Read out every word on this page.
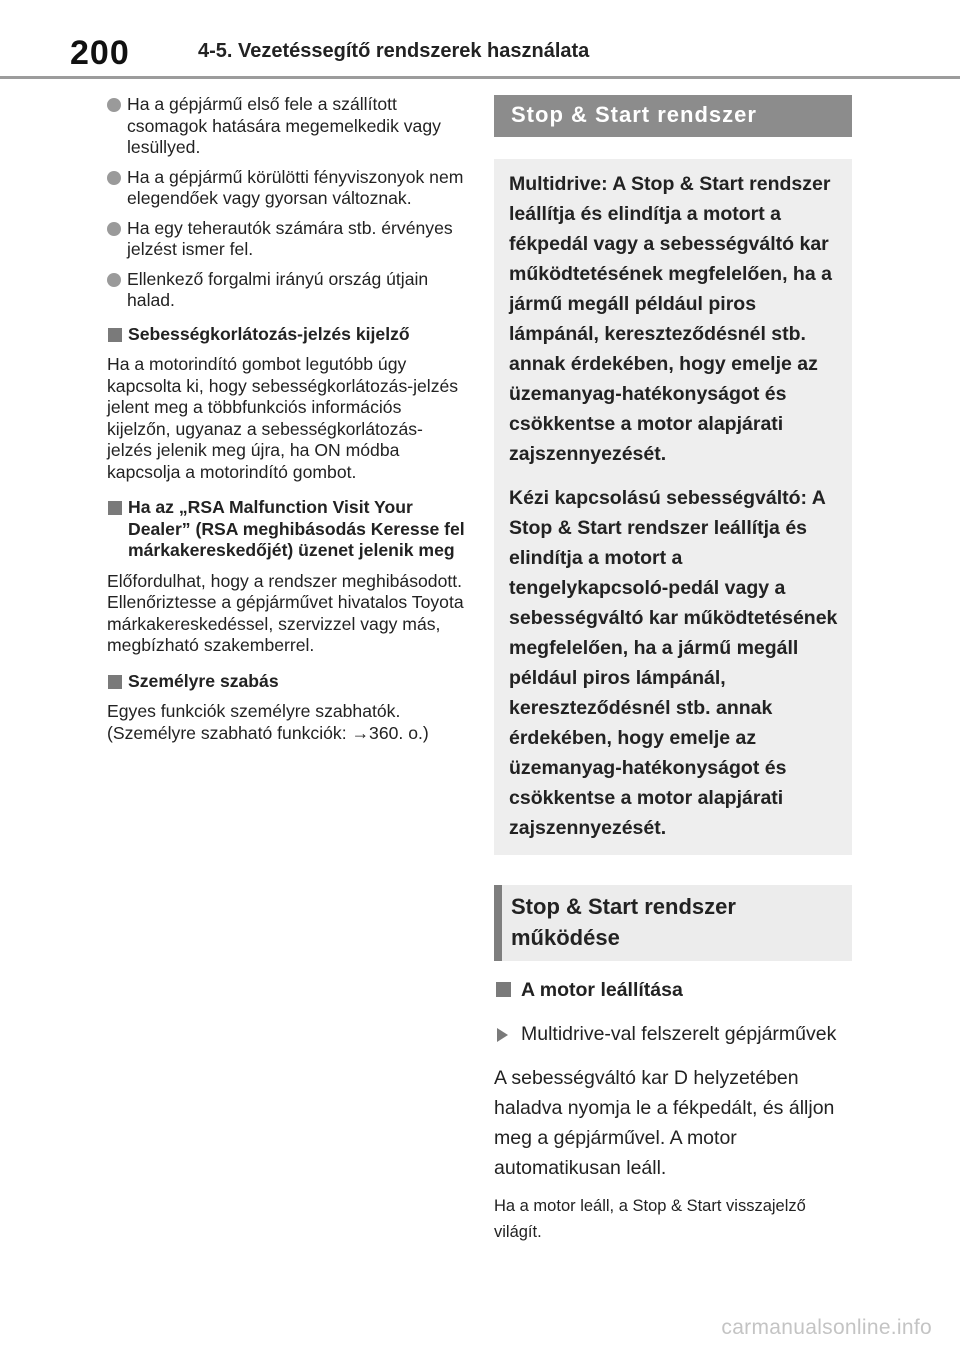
200	4-5. Vezetéssegítő rendszerek használata
Ha a gépjármű első fele a szállított csomagok hatására megemelkedik vagy lesüllyed.
Ha a gépjármű körülötti fényviszonyok nem elegendőek vagy gyorsan változnak.
Ha egy teherautók számára stb. érvényes jelzést ismer fel.
Ellenkező forgalmi irányú ország útjain halad.
Sebességkorlátozás-jelzés kijelző
Ha a motorindító gombot legutóbb úgy kapcsolta ki, hogy sebességkorlátozás-jelzés jelent meg a többfunkciós információs kijelzőn, ugyanaz a sebességkorlátozás-jelzés jelenik meg újra, ha ON módba kapcsolja a motorindító gombot.
Ha az „RSA Malfunction Visit Your Dealer” (RSA meghibásodás Keresse fel márkakereskedőjét) üzenet jelenik meg
Előfordulhat, hogy a rendszer meghibásodott. Ellenőriztesse a gépjárművet hivatalos Toyota márkakereskedéssel, szervizzel vagy más, megbízható szakemberrel.
Személyre szabás
Egyes funkciók személyre szabhatók. (Személyre szabható funkciók: →360. o.)
Stop & Start rendszer

Multidrive: A Stop & Start rendszer leállítja és elindítja a motort a fékpedál vagy a sebességváltó kar működtetésének megfelelően, ha a jármű megáll például piros lámpánál, kereszteződésnél stb. annak érdekében, hogy emelje az üzemanyag-hatékonyságot és csökkentse a motor alapjárati zajszennyezését.

Kézi kapcsolású sebességváltó: A Stop & Start rendszer leállítja és elindítja a motort a tengelykapcsoló-pedál vagy a sebességváltó kar működtetésének megfelelően, ha a jármű megáll például piros lámpánál, kereszteződésnél stb. annak érdekében, hogy emelje az üzemanyag-hatékonyságot és csökkentse a motor alapjárati zajszennyezését.

Stop & Start rendszer működése
A motor leállítása
Multidrive-val felszerelt gépjárművek
A sebességváltó kar D helyzetében haladva nyomja le a fékpedált, és álljon meg a gépjárművel. A motor automatikusan leáll.
Ha a motor leáll, a Stop & Start visszajelző világít.
carmanualsonline.info
